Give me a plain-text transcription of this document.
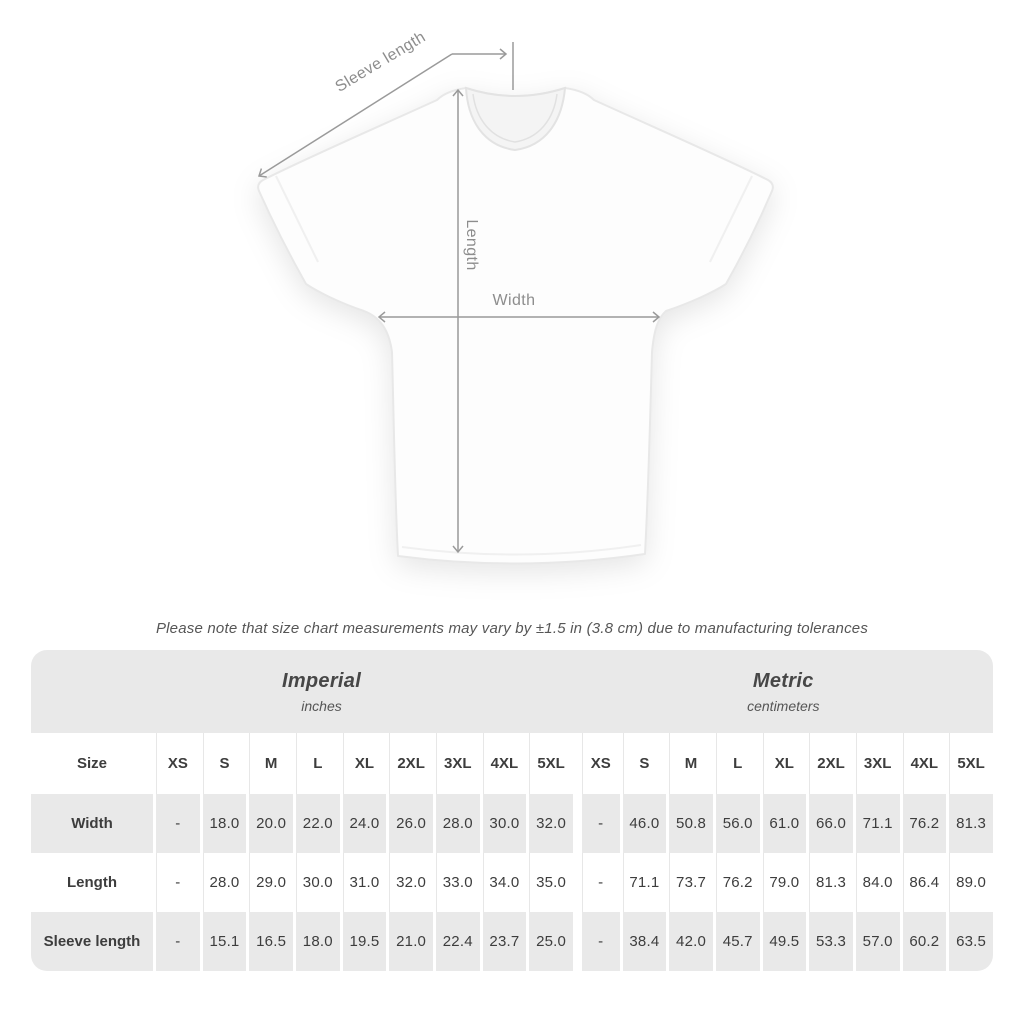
Sleeve length
Length
Width
Please note that size chart measurements may vary by ±1.5 in (3.8 cm) due to manufacturing tolerances
Imperial
inches
Metric
centimeters
Size	XS	S	M	L	XL	2XL	3XL	4XL	5XL	XS	S	M	L	XL	2XL	3XL	4XL	5XL
Width	-	18.0	20.0	22.0	24.0	26.0	28.0	30.0	32.0	-	46.0	50.8	56.0	61.0	66.0	71.1	76.2	81.3
Length	-	28.0	29.0	30.0	31.0	32.0	33.0	34.0	35.0	-	71.1	73.7	76.2	79.0	81.3	84.0	86.4	89.0
Sleeve length	-	15.1	16.5	18.0	19.5	21.0	22.4	23.7	25.0	-	38.4	42.0	45.7	49.5	53.3	57.0	60.2	63.5
